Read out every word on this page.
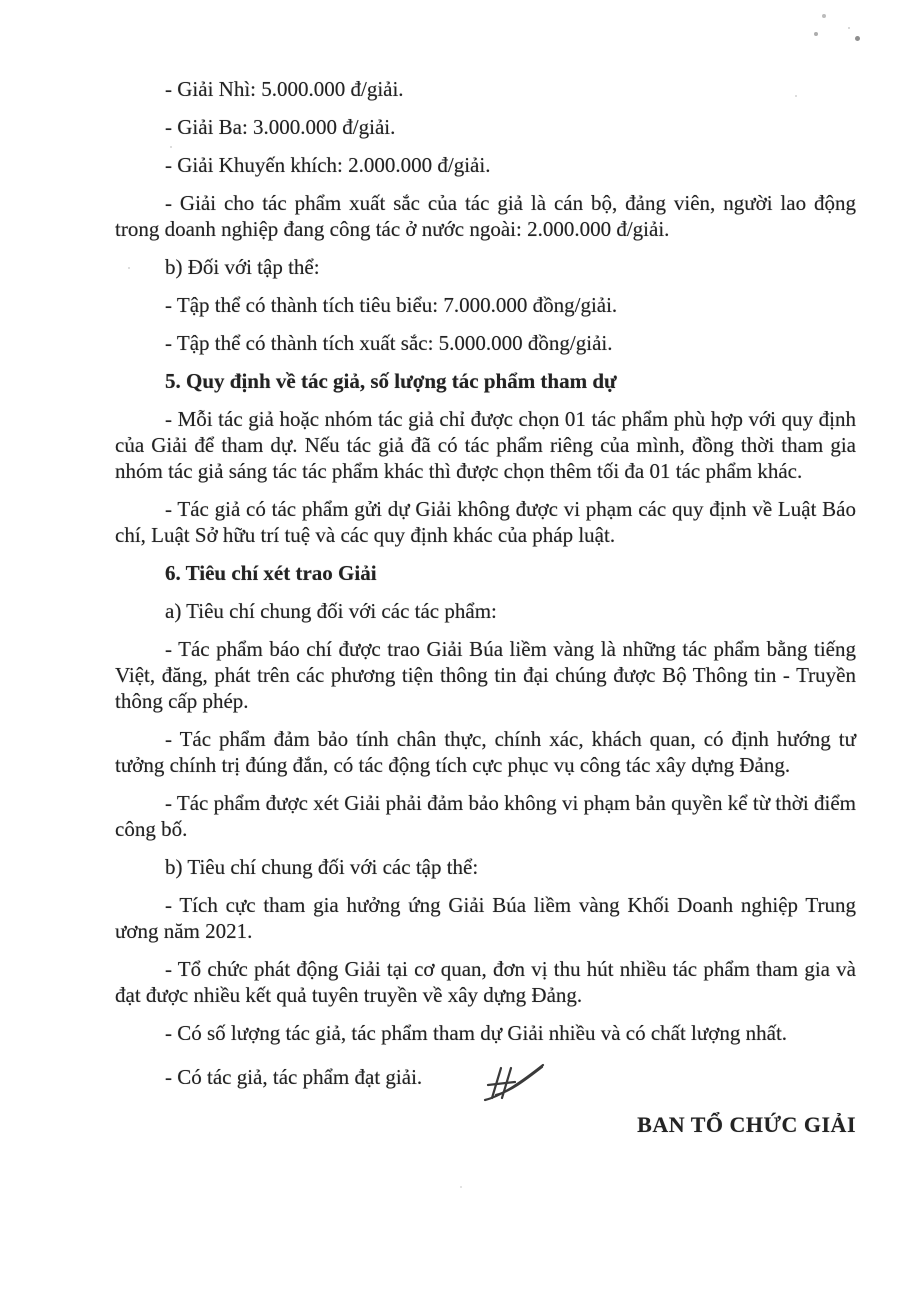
- Giải Nhì: 5.000.000 đ/giải.

- Giải Ba: 3.000.000 đ/giải.

- Giải Khuyến khích: 2.000.000 đ/giải.

- Giải cho tác phẩm xuất sắc của tác giả là cán bộ, đảng viên, người lao động trong doanh nghiệp đang công tác ở nước ngoài: 2.000.000 đ/giải.

b) Đối với tập thể:

- Tập thể có thành tích tiêu biểu: 7.000.000 đồng/giải.

- Tập thể có thành tích xuất sắc: 5.000.000 đồng/giải.

5. Quy định về tác giả, số lượng tác phẩm tham dự

- Mỗi tác giả hoặc nhóm tác giả chỉ được chọn 01 tác phẩm phù hợp với quy định của Giải để tham dự. Nếu tác giả đã có tác phẩm riêng của mình, đồng thời tham gia nhóm tác giả sáng tác tác phẩm khác thì được chọn thêm tối đa 01 tác phẩm khác.

- Tác giả có tác phẩm gửi dự Giải không được vi phạm các quy định về Luật Báo chí, Luật Sở hữu trí tuệ và các quy định khác của pháp luật.

6. Tiêu chí xét trao Giải

a) Tiêu chí chung đối với các tác phẩm:

- Tác phẩm báo chí được trao Giải Búa liềm vàng là những tác phẩm bằng tiếng Việt, đăng, phát trên các phương tiện thông tin đại chúng được Bộ Thông tin - Truyền thông cấp phép.

- Tác phẩm đảm bảo tính chân thực, chính xác, khách quan, có định hướng tư tưởng chính trị đúng đắn, có tác động tích cực phục vụ công tác xây dựng Đảng.

- Tác phẩm được xét Giải phải đảm bảo không vi phạm bản quyền kể từ thời điểm công bố.

b) Tiêu chí chung đối với các tập thể:

- Tích cực tham gia hưởng ứng Giải Búa liềm vàng Khối Doanh nghiệp Trung ương năm 2021.

- Tổ chức phát động Giải tại cơ quan, đơn vị thu hút nhiều tác phẩm tham gia và đạt được nhiều kết quả tuyên truyền về xây dựng Đảng.

- Có số lượng tác giả, tác phẩm tham dự Giải nhiều và có chất lượng nhất.

- Có tác giả, tác phẩm đạt giải.

BAN TỔ CHỨC GIẢI
